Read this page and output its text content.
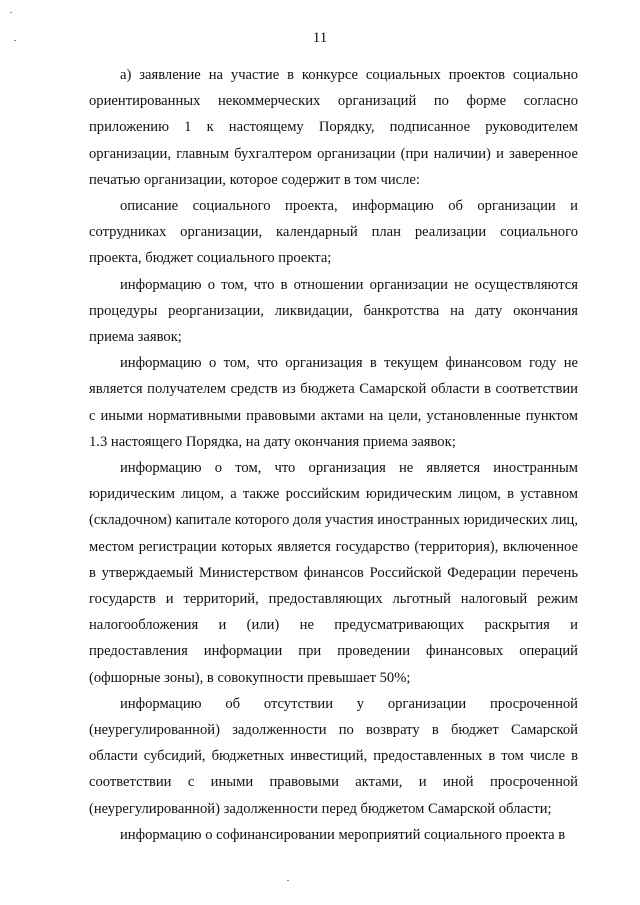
11

а) заявление на участие в конкурсе социальных проектов социально ориентированных некоммерческих организаций по форме согласно приложению 1 к настоящему Порядку, подписанное руководителем организации, главным бухгалтером организации (при наличии) и заверенное печатью организации, которое содержит в том числе:

описание социального проекта, информацию об организации и сотрудниках организации, календарный план реализации социального проекта, бюджет социального проекта;

информацию о том, что в отношении организации не осуществляются процедуры реорганизации, ликвидации, банкротства на дату окончания приема заявок;

информацию о том, что организация в текущем финансовом году не является получателем средств из бюджета Самарской области в соответствии с иными нормативными правовыми актами на цели, установленные пунктом 1.3 настоящего Порядка, на дату окончания приема заявок;

информацию о том, что организация не является иностранным юридическим лицом, а также российским юридическим лицом, в уставном (складочном) капитале которого доля участия иностранных юридических лиц, местом регистрации которых является государство (территория), включенное в утверждаемый Министерством финансов Российской Федерации перечень государств и территорий, предоставляющих льготный налоговый режим налогообложения и (или) не предусматривающих раскрытия и предоставления информации при проведении финансовых операций (офшорные зоны), в совокупности превышает 50%;

информацию об отсутствии у организации просроченной (неурегулированной) задолженности по возврату в бюджет Самарской области субсидий, бюджетных инвестиций, предоставленных в том числе в соответствии с иными правовыми актами, и иной просроченной (неурегулированной) задолженности перед бюджетом Самарской области;

информацию о софинансировании мероприятий социального проекта в
